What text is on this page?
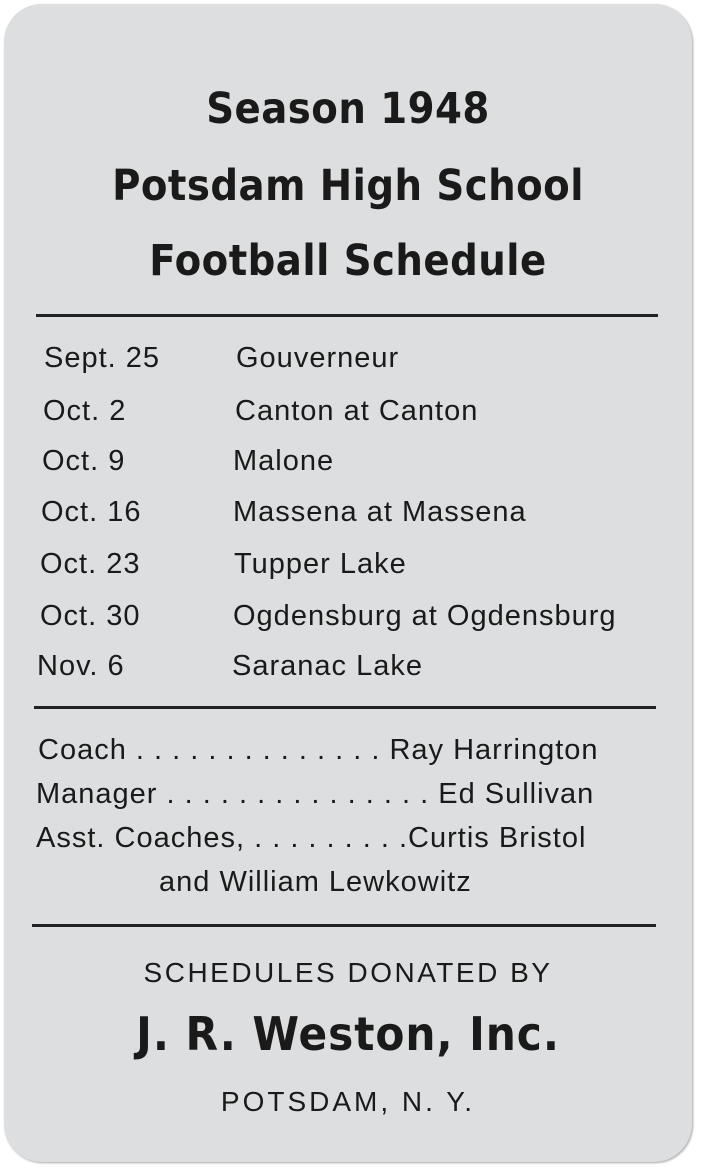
Season 1948
Potsdam High School
Football Schedule
Sept. 25	Gouverneur
Oct. 2	Canton at Canton
Oct. 9	Malone
Oct. 16	Massena at Massena
Oct. 23	Tupper Lake
Oct. 30	Ogdensburg at Ogdensburg
Nov. 6	Saranac Lake
Coach . . . . . . . . . . . . . . Ray Harrington
Manager . . . . . . . . . . . . . . . Ed Sullivan
Asst. Coaches, . . . . . . . . .Curtis Bristol
and William Lewkowitz
SCHEDULES DONATED BY
J. R. Weston, Inc.
POTSDAM, N. Y.
